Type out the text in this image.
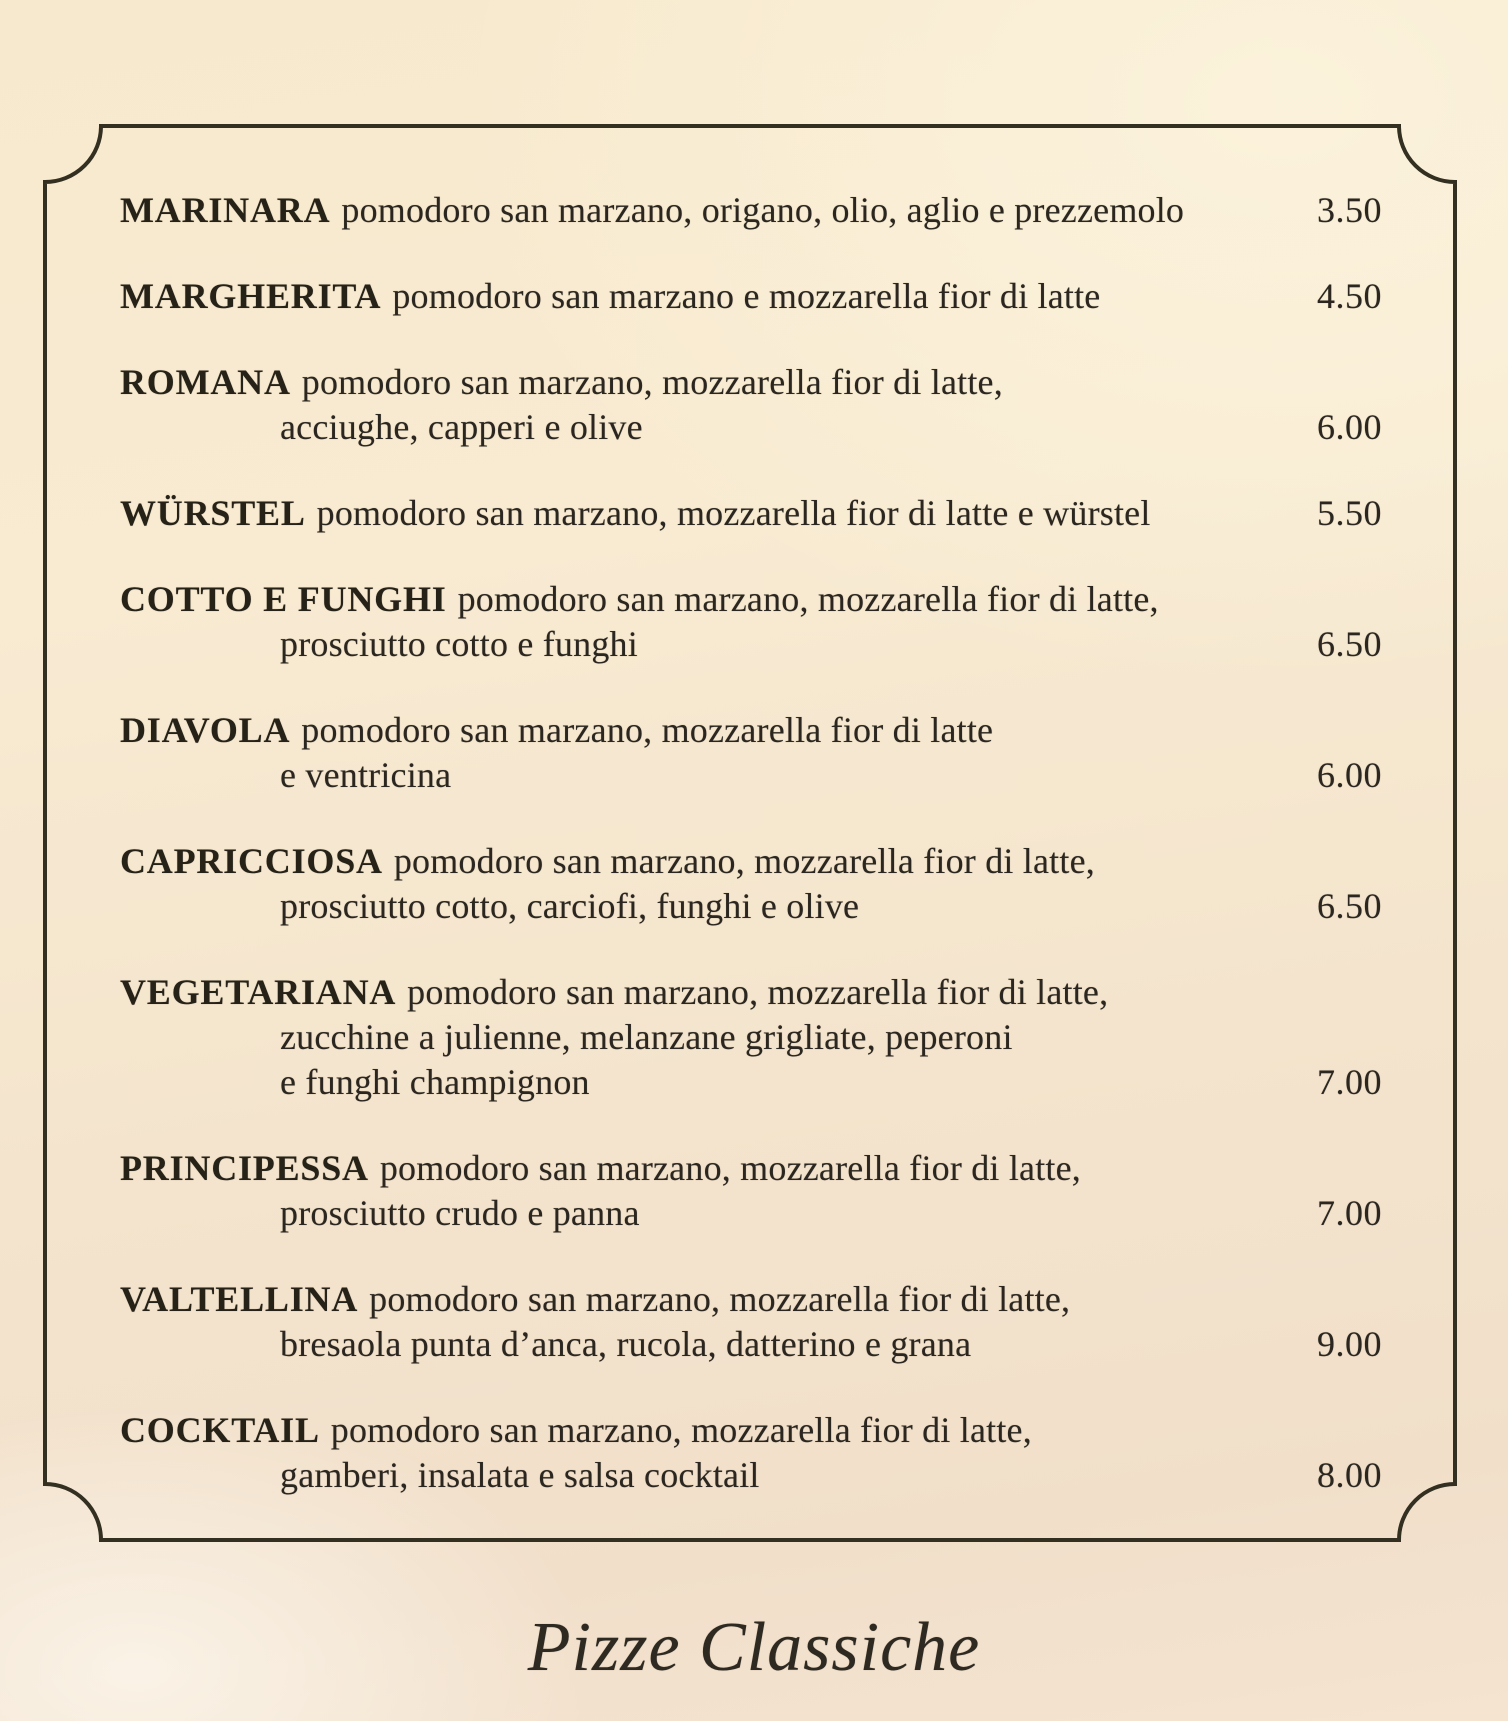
MARINARA pomodoro san marzano, origano, olio, aglio e prezzemolo	3.50
MARGHERITA pomodoro san marzano e mozzarella fior di latte	4.50
ROMANA pomodoro san marzano, mozzarella fior di latte,
acciughe, capperi e olive	6.00
WÜRSTEL pomodoro san marzano, mozzarella fior di latte e würstel	5.50
COTTO E FUNGHI pomodoro san marzano, mozzarella fior di latte,
prosciutto cotto e funghi	6.50
DIAVOLA pomodoro san marzano, mozzarella fior di latte
e ventricina	6.00
CAPRICCIOSA pomodoro san marzano, mozzarella fior di latte,
prosciutto cotto, carciofi, funghi e olive	6.50
VEGETARIANA pomodoro san marzano, mozzarella fior di latte,
zucchine a julienne, melanzane grigliate, peperoni
e funghi champignon	7.00
PRINCIPESSA pomodoro san marzano, mozzarella fior di latte,
prosciutto crudo e panna	7.00
VALTELLINA pomodoro san marzano, mozzarella fior di latte,
bresaola punta d’anca, rucola, datterino e grana	9.00
COCKTAIL pomodoro san marzano, mozzarella fior di latte,
gamberi, insalata e salsa cocktail	8.00
Pizze Classiche
